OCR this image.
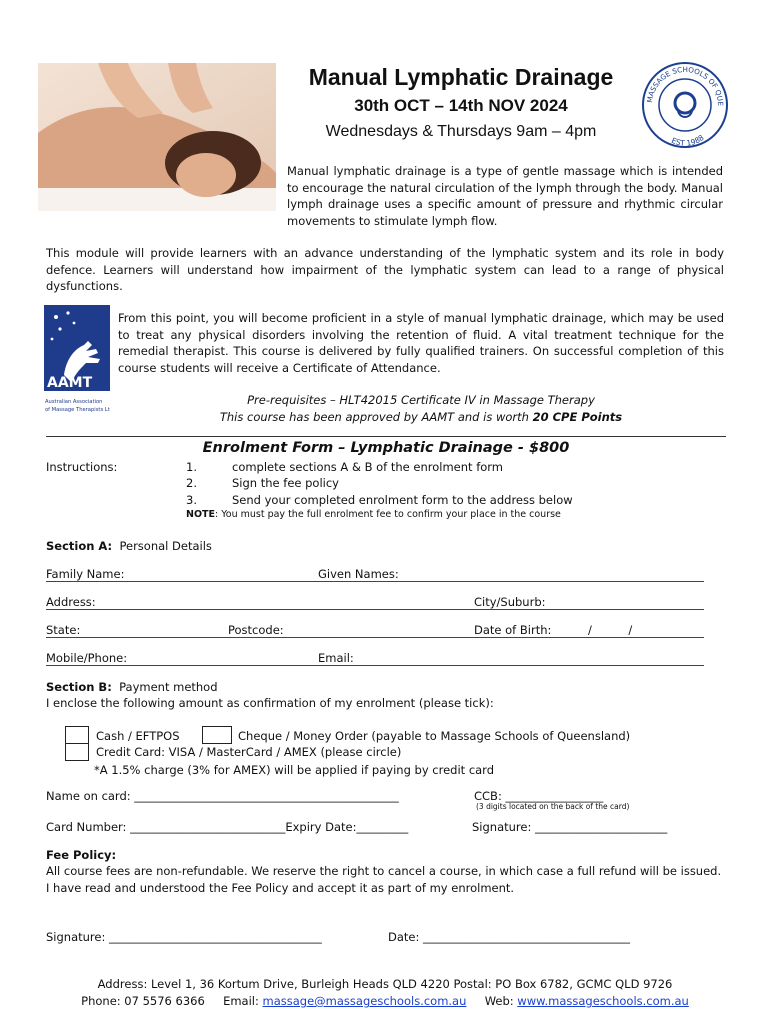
Manual Lymphatic Drainage
30th OCT – 14th NOV 2024
Wednesdays & Thursdays 9am – 4pm
MASSAGE SCHOOLS OF QUE
EST 1988
Manual lymphatic drainage is a type of gentle massage which is intended to encourage the natural circulation of the lymph through the body. Manual lymph drainage uses a specific amount of pressure and rhythmic circular movements to stimulate lymph flow.
This module will provide learners with an advance understanding of the lymphatic system and its role in body defence. Learners will understand how impairment of the lymphatic system can lead to a range of physical dysfunctions.
AAMT
Australian Association
of Massage Therapists Ltd
From this point, you will become proficient in a style of manual lymphatic drainage, which may be used to treat any physical disorders involving the retention of fluid. A vital treatment technique for the remedial therapist. This course is delivered by fully qualified trainers. On successful completion of this course students will receive a Certificate of Attendance.
Pre-requisites – HLT42015 Certificate IV in Massage Therapy
This course has been approved by AAMT and is worth 20 CPE Points
Enrolment Form – Lymphatic Drainage - $800
Instructions:	1.	complete sections A & B of the enrolment form
2.	Sign the fee policy
3.	Send your completed enrolment form to the address below
NOTE: You must pay the full enrolment fee to confirm your place in the course
Section A: Personal Details
Family Name:	Given Names:
Address:	City/Suburb:
State:	Postcode:	Date of Birth:	/          /
Mobile/Phone:	Email:
Section B: Payment method
I enclose the following amount as confirmation of my enrolment (please tick):
Cash / EFTPOS	Cheque / Money Order (payable to Massage Schools of Queensland)
Credit Card: VISA / MasterCard / AMEX (please circle)
*A 1.5% charge (3% for AMEX) will be applied if paying by credit card
Name on card: ______________________________________________	CCB: _________________
(3 digits located on the back of the card)
Card Number: ___________________________Expiry Date:_________	Signature: _______________________
Fee Policy:
All course fees are non-refundable. We reserve the right to cancel a course, in which case a full refund will be issued.
I have read and understood the Fee Policy and accept it as part of my enrolment.
Signature: _____________________________________	Date: ____________________________________
Address: Level 1, 36 Kortum Drive, Burleigh Heads QLD 4220 Postal: PO Box 6782, GCMC QLD 9726
Phone: 07 5576 6366 Email: massage@massageschools.com.au Web: www.massageschools.com.au
